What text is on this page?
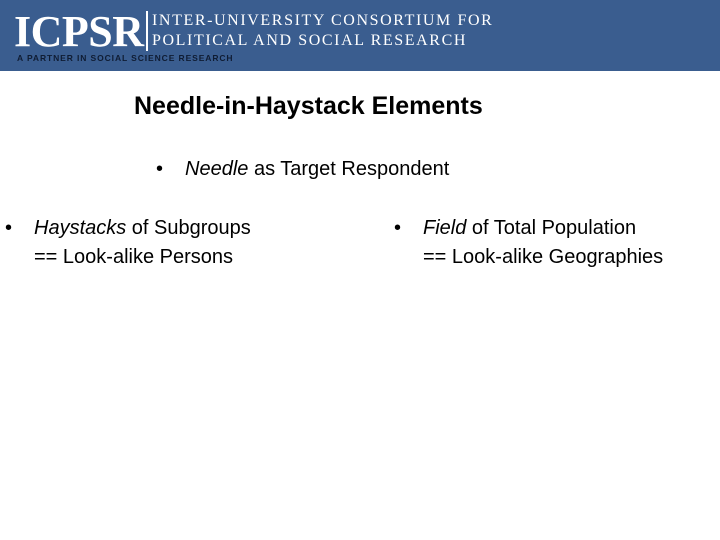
ICPSR INTER-UNIVERSITY CONSORTIUM FOR
POLITICAL AND SOCIAL RESEARCH
A PARTNER IN SOCIAL SCIENCE RESEARCH
Needle-in-Haystack Elements
•	Needle as Target Respondent
•	Haystacks of Subgroups
== Look-alike Persons
•	Field of Total Population
== Look-alike Geographies
